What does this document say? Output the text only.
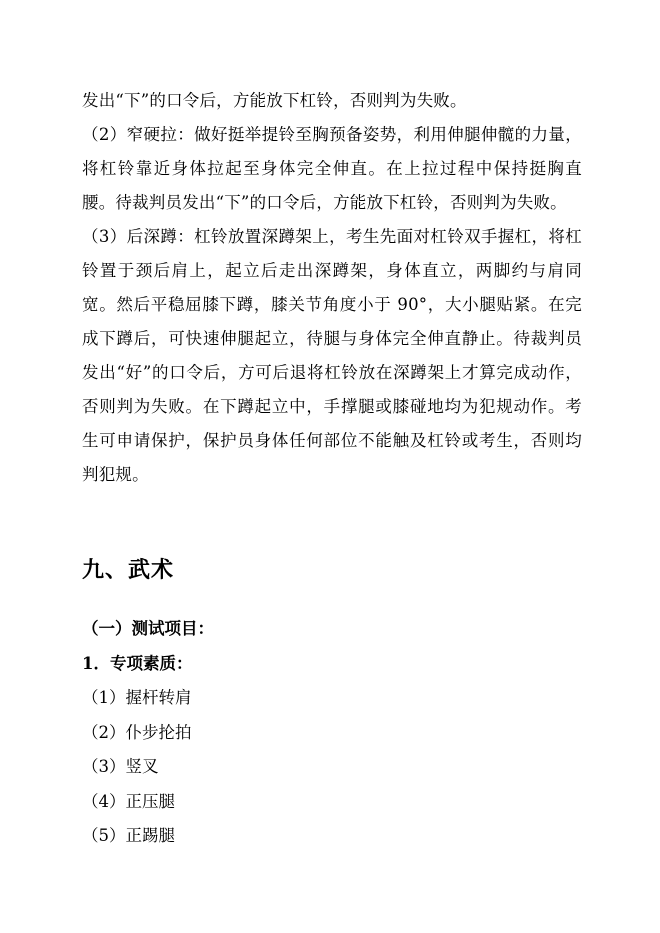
发出“下”的口令后，方能放下杠铃，否则判为失败。

（2）窄硬拉：做好挺举提铃至胸预备姿势，利用伸腿伸髋的力量，将杠铃靠近身体拉起至身体完全伸直。在上拉过程中保持挺胸直腰。待裁判员发出“下”的口令后，方能放下杠铃，否则判为失败。

（3）后深蹲：杠铃放置深蹲架上，考生先面对杠铃双手握杠，将杠铃置于颈后肩上，起立后走出深蹲架，身体直立，两脚约与肩同宽。然后平稳屈膝下蹲，膝关节角度小于 90°，大小腿贴紧。在完成下蹲后，可快速伸腿起立，待腿与身体完全伸直静止。待裁判员发出“好”的口令后，方可后退将杠铃放在深蹲架上才算完成动作，否则判为失败。在下蹲起立中，手撑腿或膝碰地均为犯规动作。考生可申请保护，保护员身体任何部位不能触及杠铃或考生，否则均判犯规。

九、武术

（一）测试项目：

1．专项素质：

（1）握杆转肩

（2）仆步抡拍

（3）竖叉

（4）正压腿

（5）正踢腿
